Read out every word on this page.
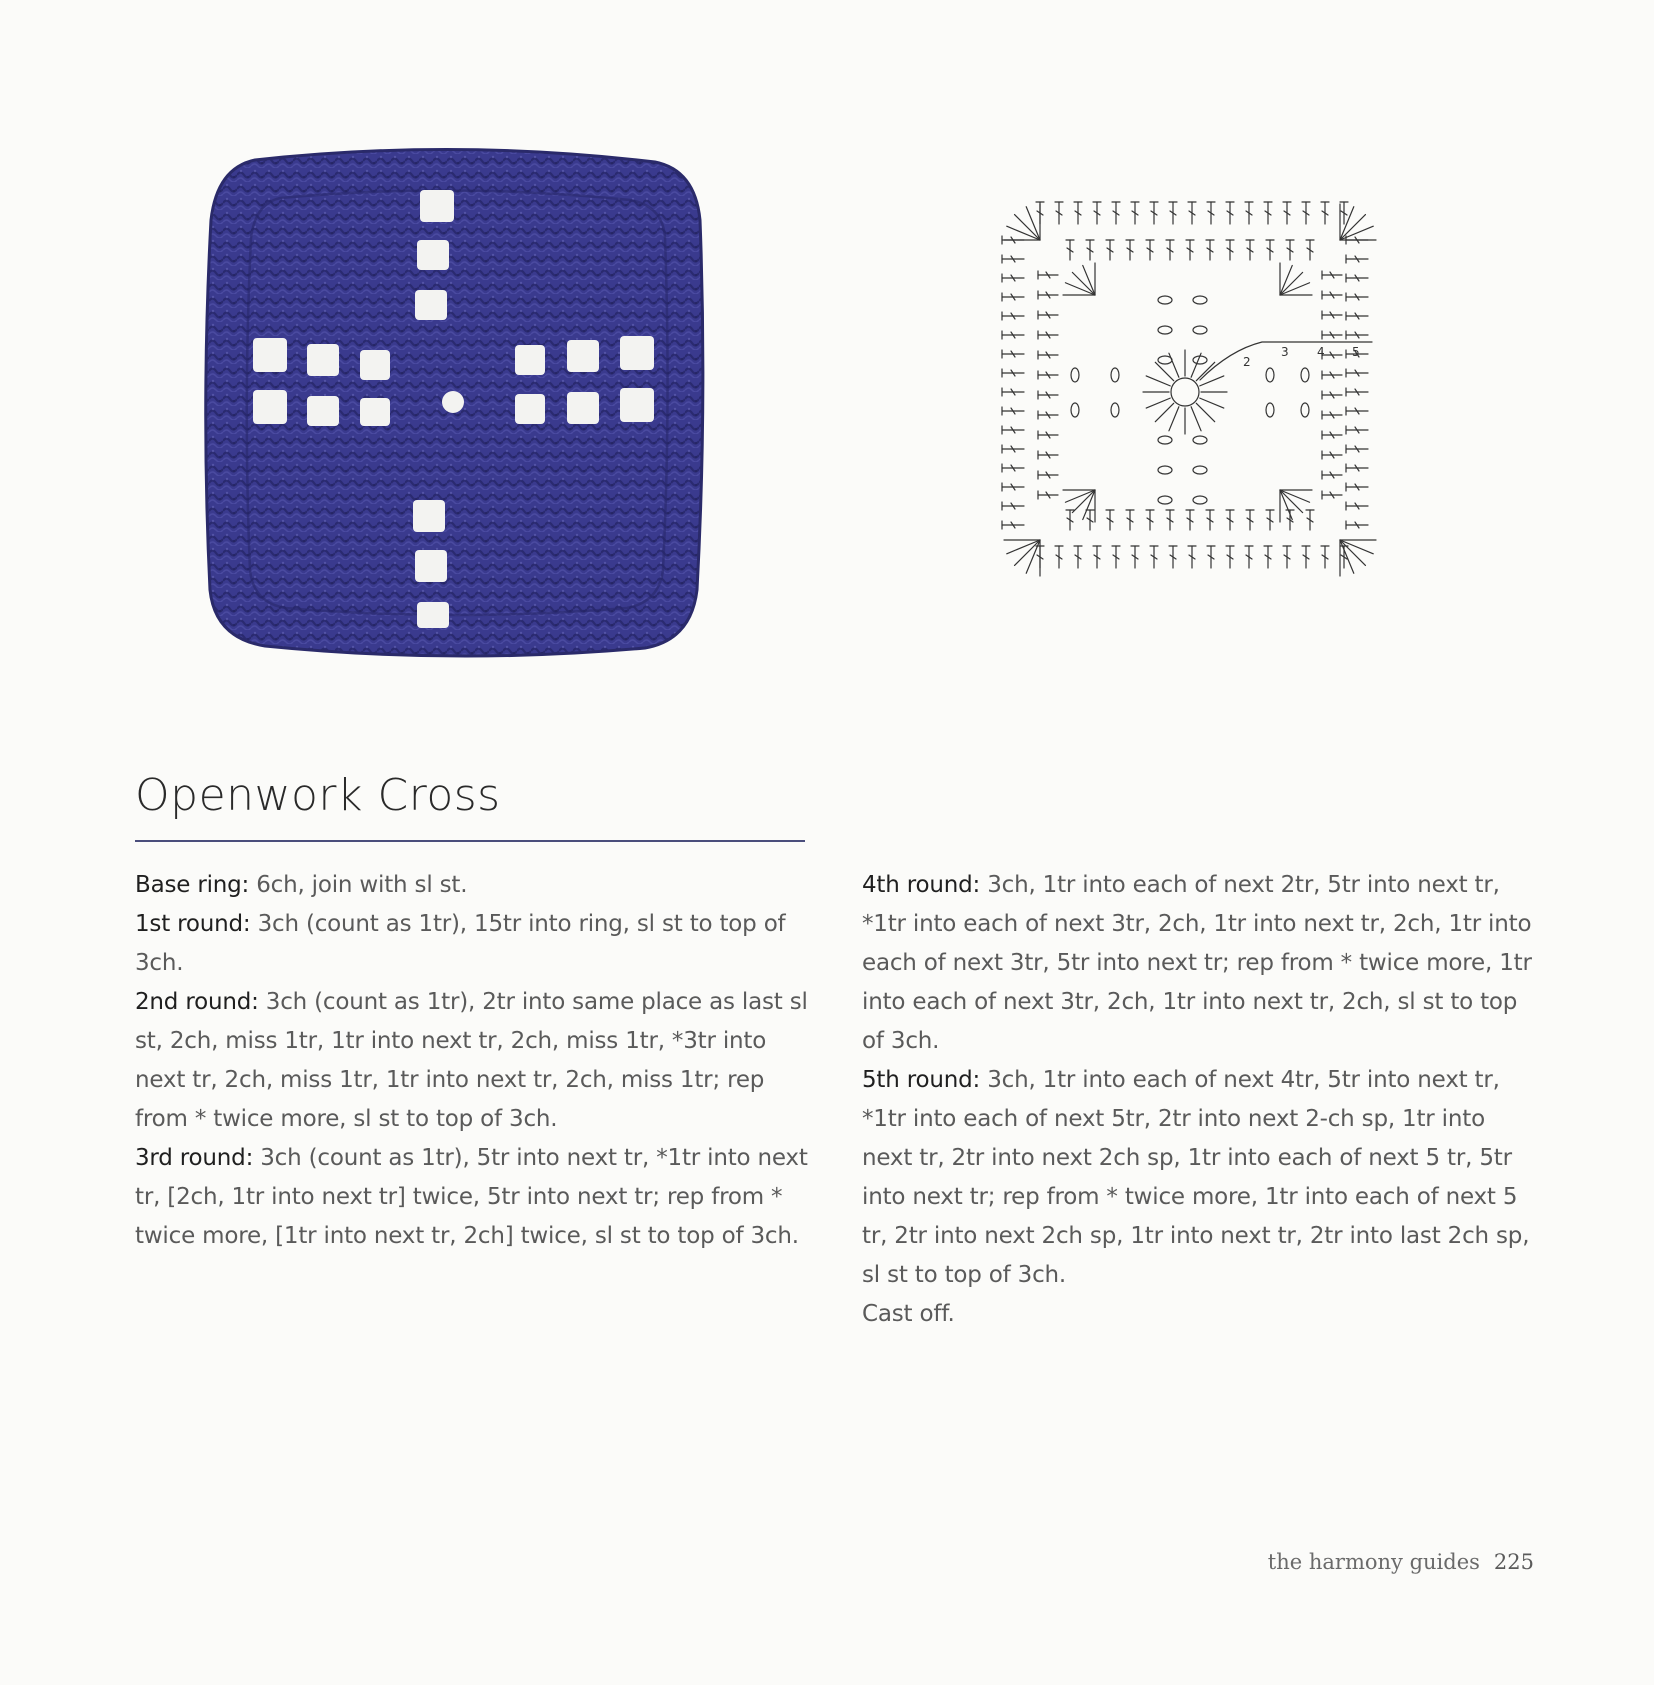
2
3 4 5
Openwork Cross

Base ring: 6ch, join with sl st.

1st round: 3ch (count as 1tr), 15tr into ring, sl st to top of 3ch.

2nd round: 3ch (count as 1tr), 2tr into same place as last sl st, 2ch, miss 1tr, 1tr into next tr, 2ch, miss 1tr, *3tr into next tr, 2ch, miss 1tr, 1tr into next tr, 2ch, miss 1tr; rep from * twice more, sl st to top of 3ch.

3rd round: 3ch (count as 1tr), 5tr into next tr, *1tr into next tr, [2ch, 1tr into next tr] twice, 5tr into next tr; rep from * twice more, [1tr into next tr, 2ch] twice, sl st to top of 3ch.

4th round: 3ch, 1tr into each of next 2tr, 5tr into next tr, *1tr into each of next 3tr, 2ch, 1tr into next tr, 2ch, 1tr into each of next 3tr, 5tr into next tr; rep from * twice more, 1tr into each of next 3tr, 2ch, 1tr into next tr, 2ch, sl st to top of 3ch.

5th round: 3ch, 1tr into each of next 4tr, 5tr into next tr, *1tr into each of next 5tr, 2tr into next 2-ch sp, 1tr into next tr, 2tr into next 2ch sp, 1tr into each of next 5 tr, 5tr into next tr; rep from * twice more, 1tr into each of next 5 tr, 2tr into next 2ch sp, 1tr into next tr, 2tr into last 2ch sp, sl st to top of 3ch.

Cast off.

the harmony guides 225
